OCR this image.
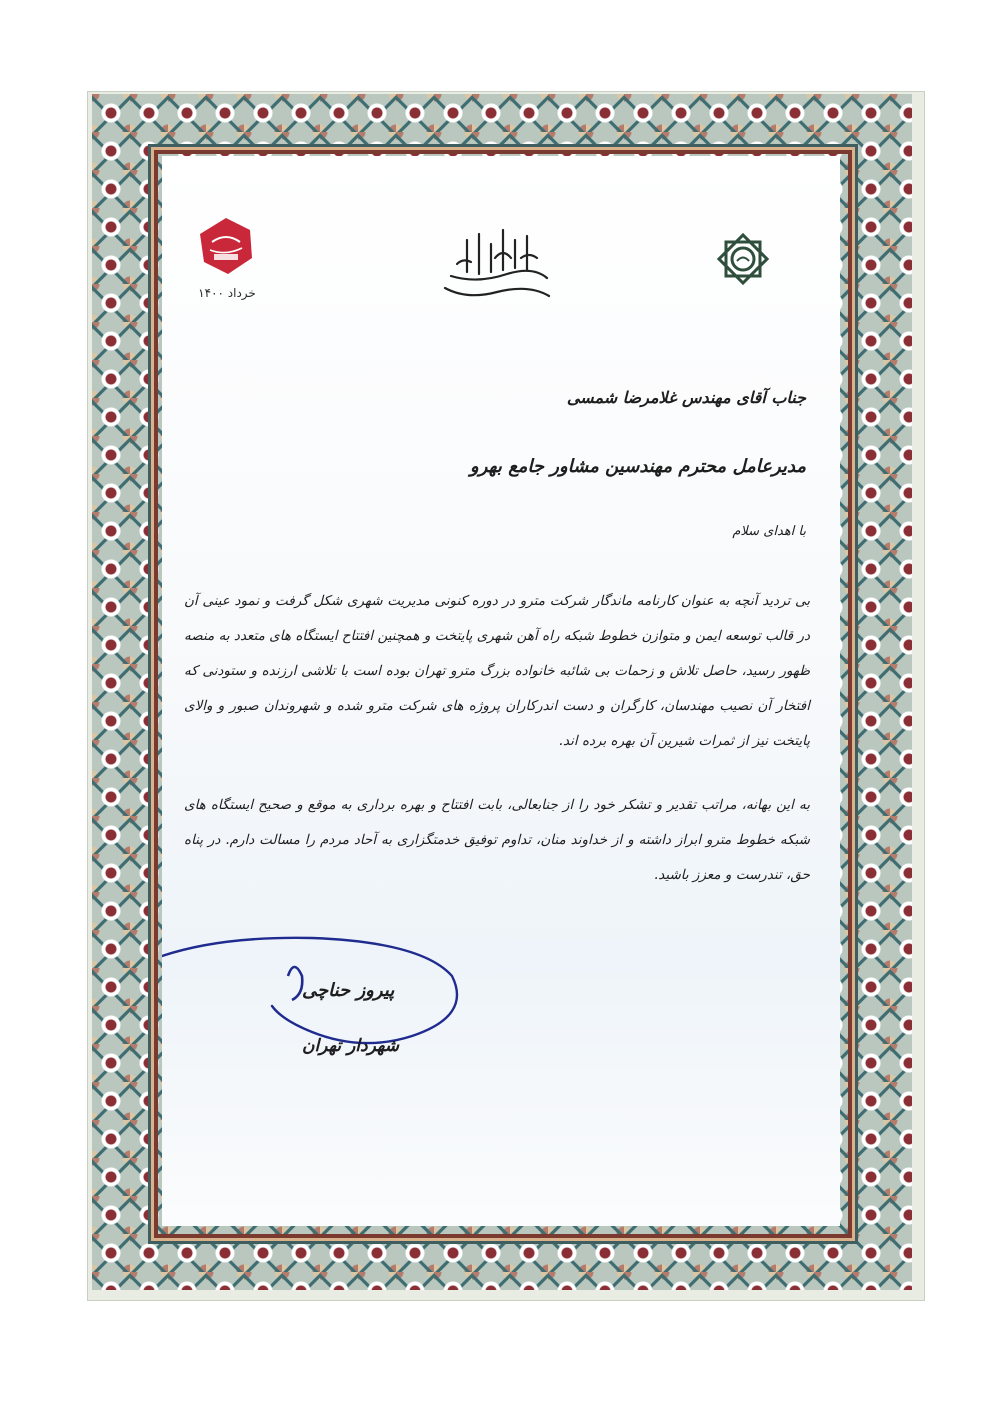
خرداد ۱۴۰۰
جناب آقای مهندس غلامرضا شمسی
مدیرعامل محترم مهندسین مشاور جامع بهرو
با اهدای سلام
بی تردید آنچه به عنوان کارنامه ماندگار شرکت مترو در دوره کنونی مدیریت شهری شکل گرفت و نمود عینی آن در قالب توسعه ایمن و متوازن خطوط شبکه راه آهن شهری پایتخت و همچنین افتتاح ایستگاه های متعدد به منصه ظهور رسید، حاصل تلاش و زحمات بی شائبه خانواده بزرگ مترو تهران بوده است با تلاشی ارزنده و ستودنی که افتخار آن نصیب مهندسان، کارگران و دست اندرکاران پروژه های شرکت مترو شده و شهروندان صبور و والای پایتخت نیز از ثمرات شیرین آن بهره برده اند.
به این بهانه، مراتب تقدیر و تشکر خود را از جنابعالی، بابت افتتاح و بهره برداری به موقع و صحیح ایستگاه های شبکه خطوط مترو ابراز داشته و از خداوند منان، تداوم توفیق خدمتگزاری به آحاد مردم را مسالت دارم. در پناه حق، تندرست و معزز باشید.
پیروز حناچی
شهردار تهران
